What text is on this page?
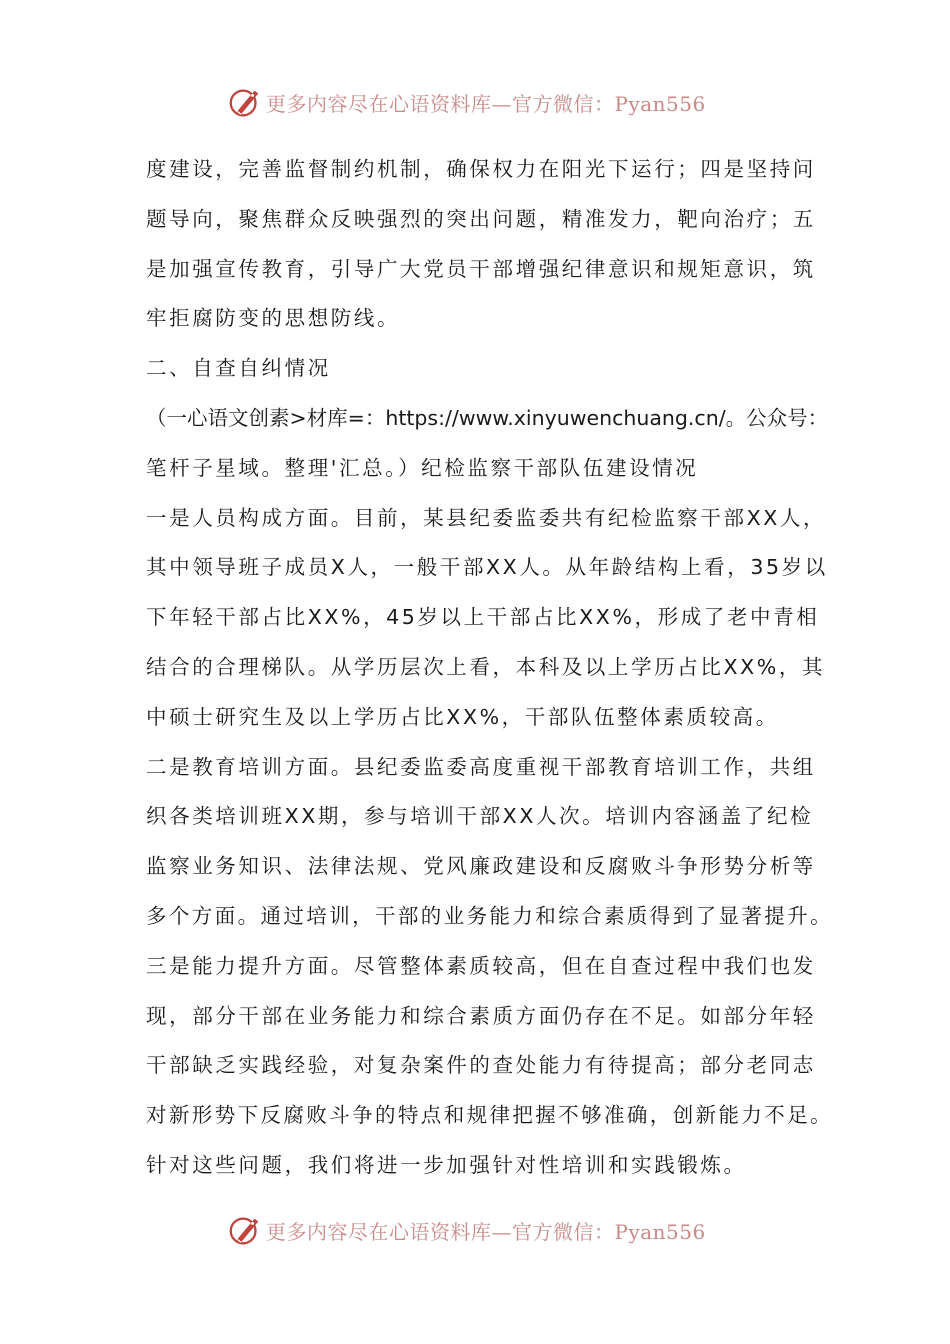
更多内容尽在心语资料库—官方微信：Pyan556
度建设，完善监督制约机制，确保权力在阳光下运行；四是坚持问
题导向，聚焦群众反映强烈的突出问题，精准发力，靶向治疗；五
是加强宣传教育，引导广大党员干部增强纪律意识和规矩意识，筑
牢拒腐防变的思想防线。
二、自查自纠情况
（一心语文创素>材库=：https://www.xinyuwenchuang.cn/。公众号：
笔杆子星域。整理'汇总。）纪检监察干部队伍建设情况
一是人员构成方面。目前，某县纪委监委共有纪检监察干部XX人，
其中领导班子成员X人，一般干部XX人。从年龄结构上看，35岁以
下年轻干部占比XX%，45岁以上干部占比XX%，形成了老中青相
结合的合理梯队。从学历层次上看，本科及以上学历占比XX%，其
中硕士研究生及以上学历占比XX%，干部队伍整体素质较高。
二是教育培训方面。县纪委监委高度重视干部教育培训工作，共组
织各类培训班XX期，参与培训干部XX人次。培训内容涵盖了纪检
监察业务知识、法律法规、党风廉政建设和反腐败斗争形势分析等
多个方面。通过培训，干部的业务能力和综合素质得到了显著提升。
三是能力提升方面。尽管整体素质较高，但在自查过程中我们也发
现，部分干部在业务能力和综合素质方面仍存在不足。如部分年轻
干部缺乏实践经验，对复杂案件的查处能力有待提高；部分老同志
对新形势下反腐败斗争的特点和规律把握不够准确，创新能力不足。
针对这些问题，我们将进一步加强针对性培训和实践锻炼。
更多内容尽在心语资料库—官方微信：Pyan556
